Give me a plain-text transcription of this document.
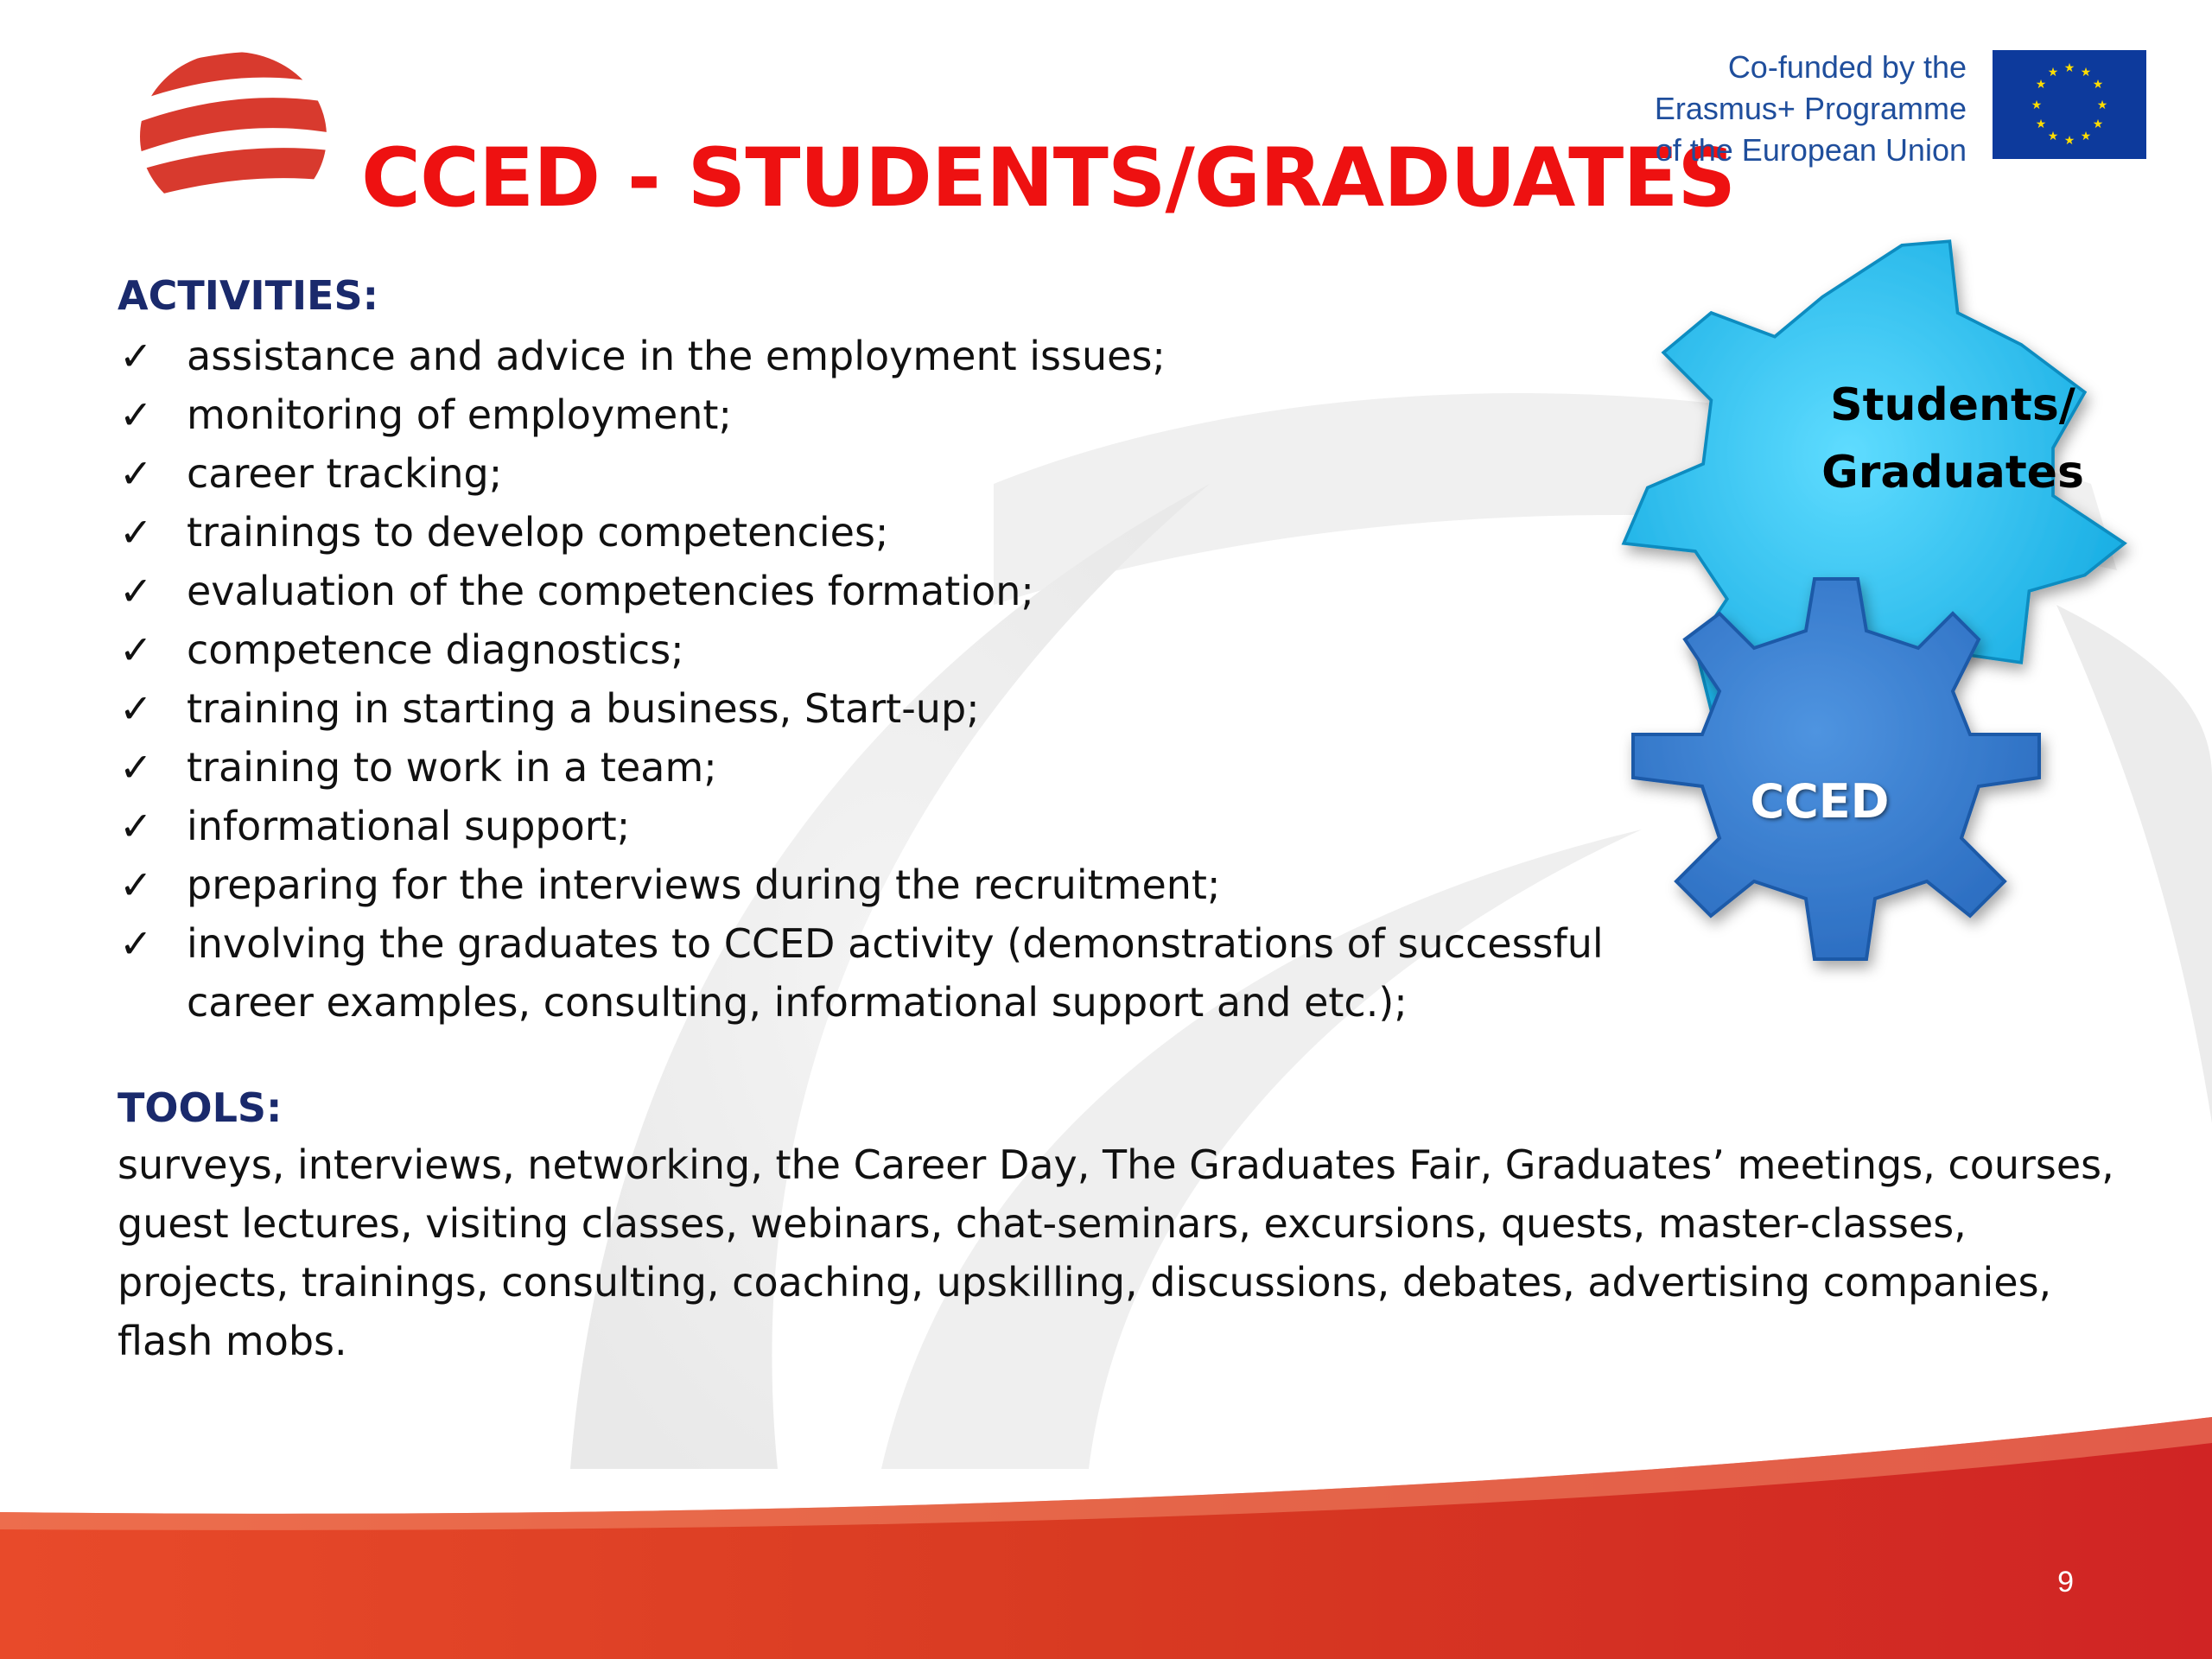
CCED - STUDENTS/GRADUATES
Co-funded by the
Erasmus+ Programme
of the European Union
★ ★
★
★
★
★
★
★
★
★
★
★
ACTIVITIES:
✓ assistance and advice in the employment issues;
✓ monitoring of employment;
✓ career tracking;
✓ trainings to develop competencies;
✓ evaluation of the competencies formation;
✓ competence diagnostics;
✓ training in starting a business, Start-up;
✓ training to work in a team;
✓ informational support;
✓ preparing for the interviews during the recruitment;
✓ involving the graduates to CCED activity (demonstrations of successful career examples, consulting, informational support and etc.);
TOOLS:
surveys, interviews, networking, the Career Day, The Graduates Fair, Graduates’ meetings, courses, guest lectures, visiting classes, webinars, chat-seminars, excursions, quests, master-classes, projects, trainings, consulting, coaching, upskilling, discussions, debates, advertising companies, flash mobs.
Students/
Graduates
CCED
9
